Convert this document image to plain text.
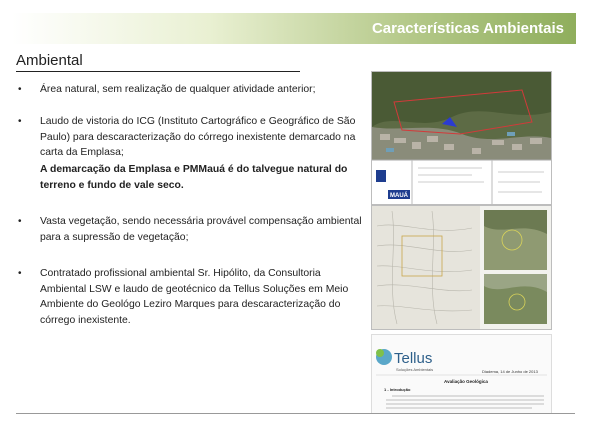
Características Ambientais
Ambiental
• Área natural, sem realização de qualquer atividade anterior;
• Laudo de vistoria do ICG (Instituto Cartográfico e Geográfico de São Paulo) para descaracterização do córrego inexistente demarcado na carta da Emplasa;
A demarcação da Emplasa e PMMauá é do talvegue natural do terreno e fundo de vale seco.
• Vasta vegetação, sendo necessária provável compensação ambiental para a supressão de vegetação;
• Contratado profissional ambiental Sr. Hipólito, da Consultoria Ambiental LSW e laudo de geotécnico da Tellus Soluções em Meio Ambiente do Geológo Leziro Marques para descaracterização do córrego inexistente.
MAUÁ
Tellus
Soluções Ambientais	Diadema, 14 de Junho de 2013
Avaliação Geológica
1 - Introdução
